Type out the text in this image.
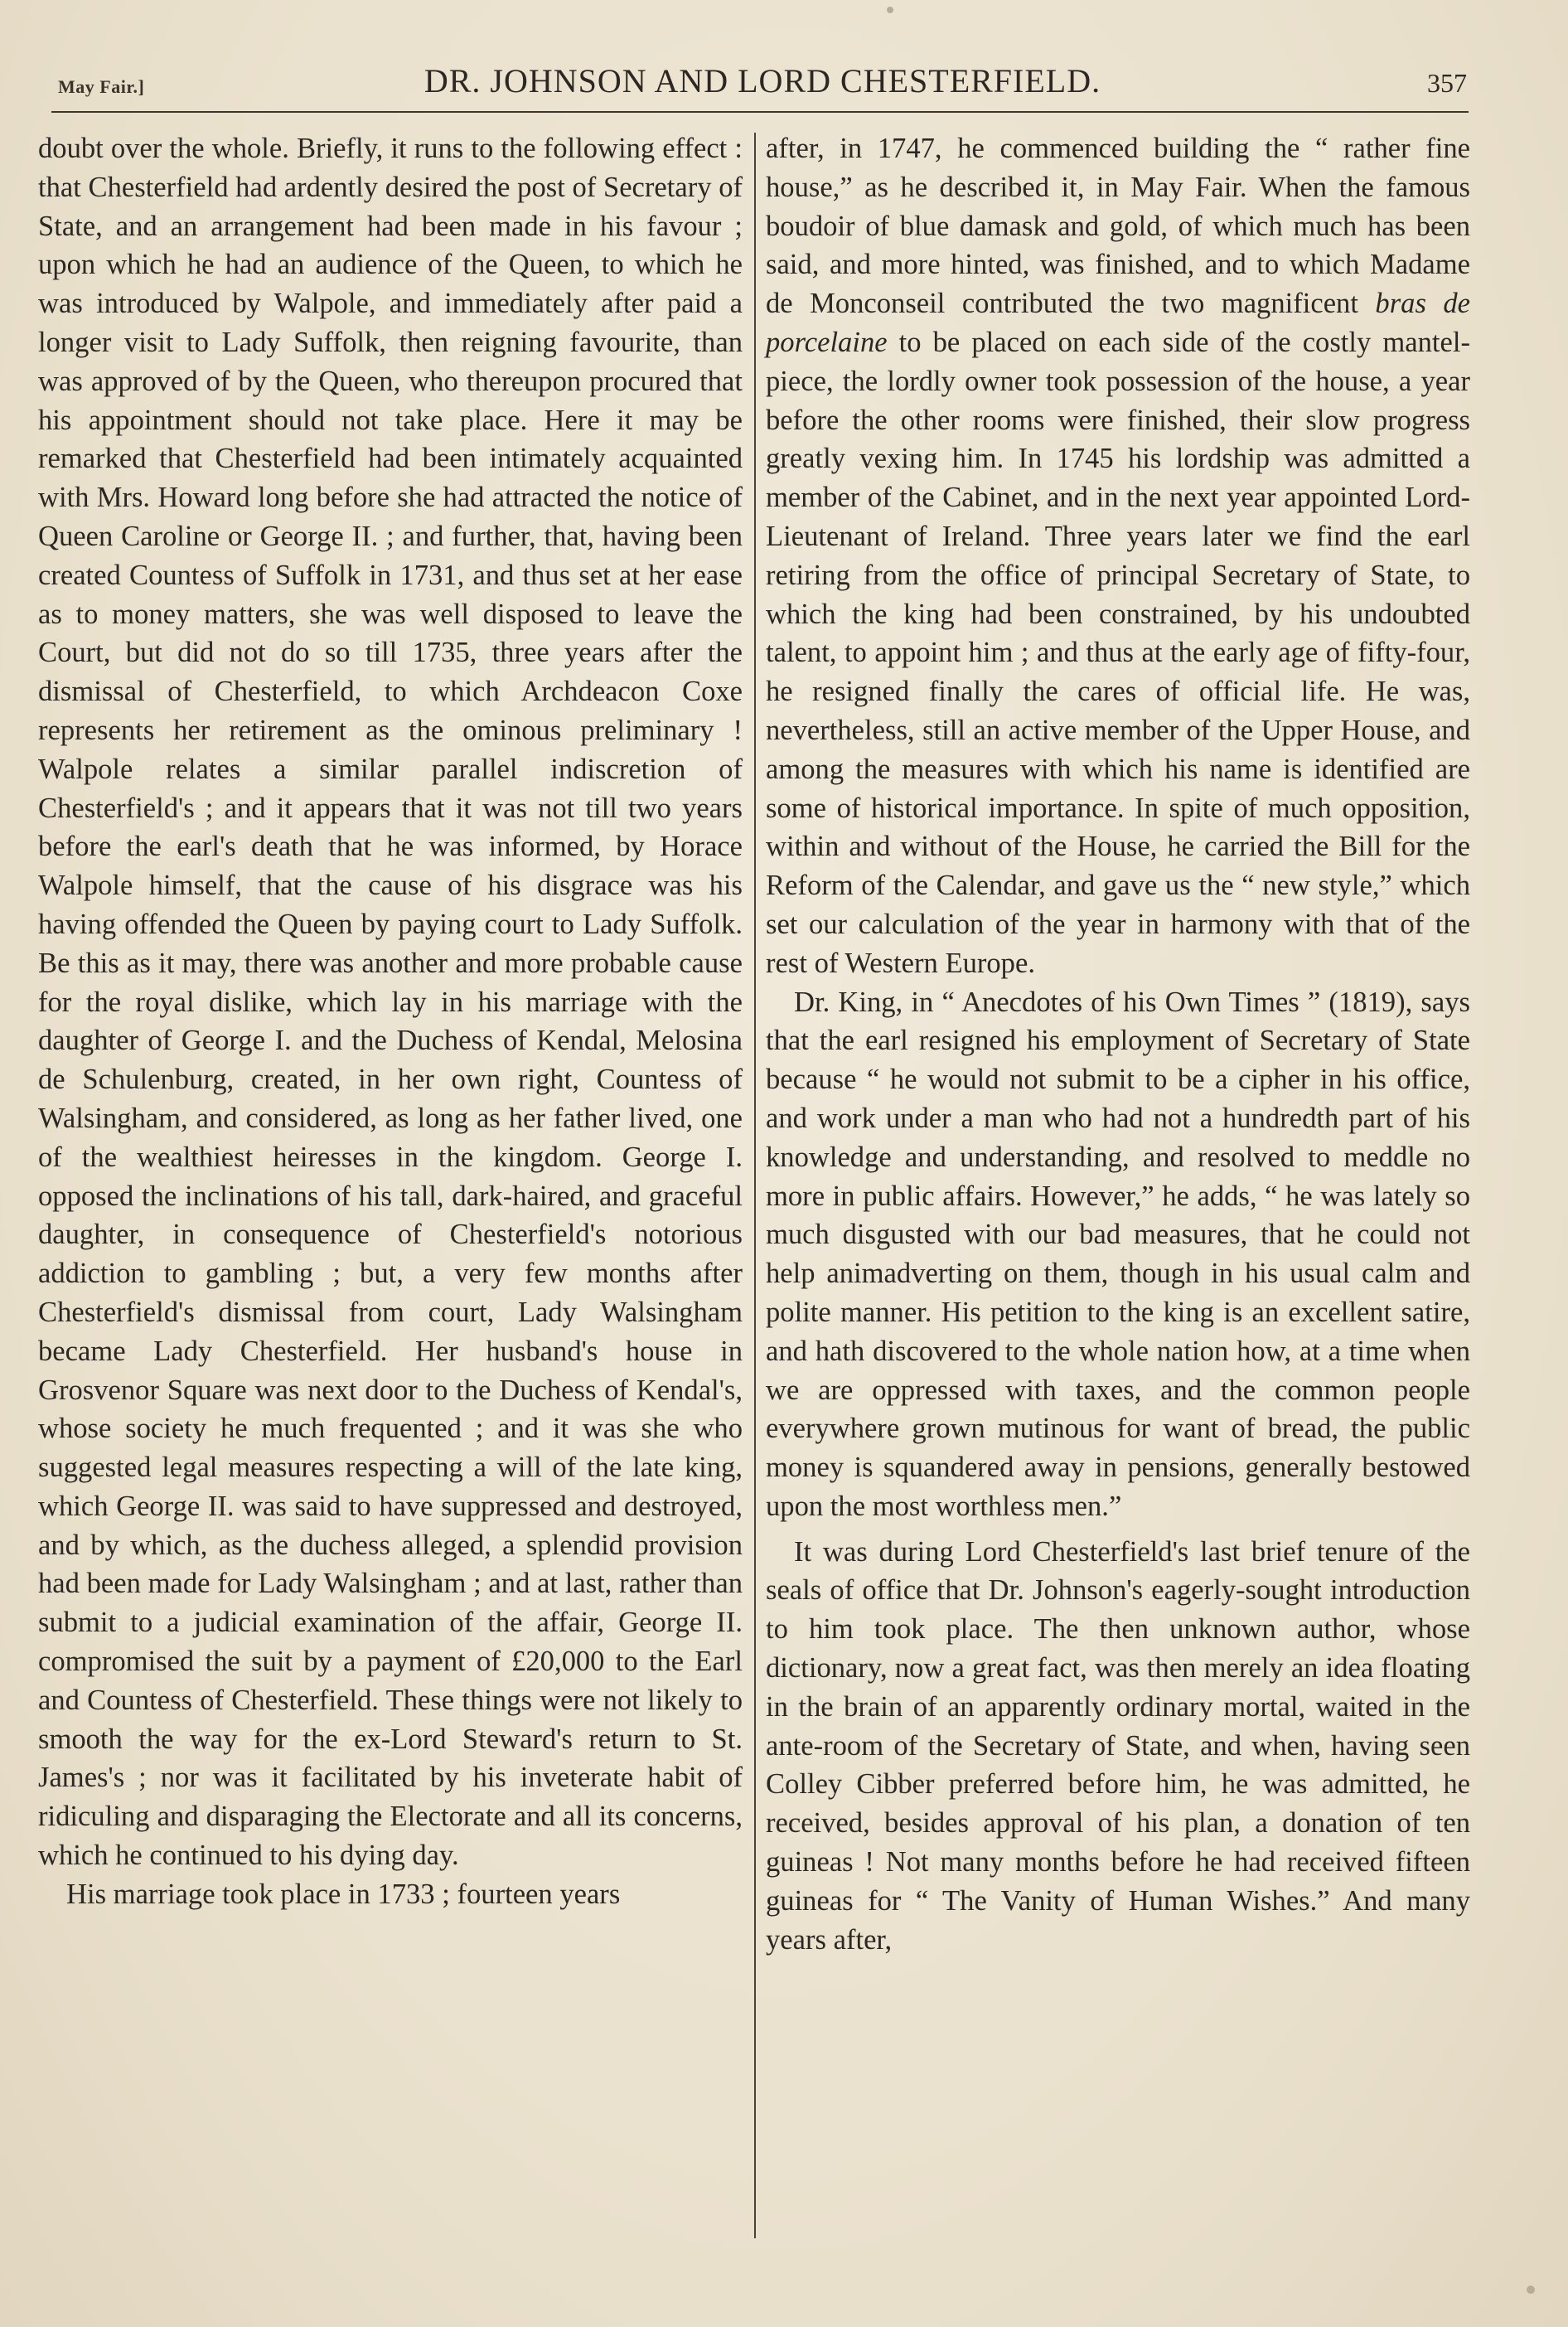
May Fair.]	DR. JOHNSON AND LORD CHESTERFIELD.	357

doubt over the whole. Briefly, it runs to the following effect : that Chesterfield had ardently desired the post of Secretary of State, and an arrangement had been made in his favour ; upon which he had an audience of the Queen, to which he was introduced by Walpole, and immediately after paid a longer visit to Lady Suffolk, then reigning favourite, than was approved of by the Queen, who thereupon procured that his appointment should not take place. Here it may be remarked that Chesterfield had been intimately acquainted with Mrs. Howard long before she had attracted the notice of Queen Caroline or George II. ; and further, that, having been created Countess of Suffolk in 1731, and thus set at her ease as to money matters, she was well disposed to leave the Court, but did not do so till 1735, three years after the dismissal of Chesterfield, to which Archdeacon Coxe represents her retirement as the ominous preliminary ! Walpole relates a similar parallel indiscretion of Chesterfield's ; and it appears that it was not till two years before the earl's death that he was informed, by Horace Walpole himself, that the cause of his disgrace was his having offended the Queen by paying court to Lady Suffolk. Be this as it may, there was another and more probable cause for the royal dislike, which lay in his marriage with the daughter of George I. and the Duchess of Kendal, Melosina de Schulenburg, created, in her own right, Countess of Walsingham, and considered, as long as her father lived, one of the wealthiest heiresses in the kingdom. George I. opposed the inclinations of his tall, dark-haired, and graceful daughter, in consequence of Chesterfield's notorious addiction to gambling ; but, a very few months after Chesterfield's dismissal from court, Lady Walsingham became Lady Chesterfield. Her husband's house in Grosvenor Square was next door to the Duchess of Kendal's, whose society he much frequented ; and it was she who suggested legal measures respecting a will of the late king, which George II. was said to have suppressed and destroyed, and by which, as the duchess alleged, a splendid provision had been made for Lady Walsingham ; and at last, rather than submit to a judicial examination of the affair, George II. compromised the suit by a payment of £20,000 to the Earl and Countess of Chesterfield. These things were not likely to smooth the way for the ex-Lord Steward's return to St. James's ; nor was it facilitated by his inveterate habit of ridiculing and disparaging the Electorate and all its concerns, which he continued to his dying day.

His marriage took place in 1733 ; fourteen years

after, in 1747, he commenced building the “ rather fine house,” as he described it, in May Fair. When the famous boudoir of blue damask and gold, of which much has been said, and more hinted, was finished, and to which Madame de Monconseil contributed the two magnificent bras de porcelaine to be placed on each side of the costly mantel-piece, the lordly owner took possession of the house, a year before the other rooms were finished, their slow progress greatly vexing him. In 1745 his lordship was admitted a member of the Cabinet, and in the next year appointed Lord-Lieutenant of Ireland. Three years later we find the earl retiring from the office of principal Secretary of State, to which the king had been constrained, by his undoubted talent, to appoint him ; and thus at the early age of fifty-four, he resigned finally the cares of official life. He was, nevertheless, still an active member of the Upper House, and among the measures with which his name is identified are some of historical importance. In spite of much opposition, within and without of the House, he carried the Bill for the Reform of the Calendar, and gave us the “ new style,” which set our calculation of the year in harmony with that of the rest of Western Europe.

Dr. King, in “ Anecdotes of his Own Times ” (1819), says that the earl resigned his employment of Secretary of State because “ he would not submit to be a cipher in his office, and work under a man who had not a hundredth part of his knowledge and understanding, and resolved to meddle no more in public affairs. However,” he adds, “ he was lately so much disgusted with our bad measures, that he could not help animadverting on them, though in his usual calm and polite manner. His petition to the king is an excellent satire, and hath discovered to the whole nation how, at a time when we are oppressed with taxes, and the common people everywhere grown mutinous for want of bread, the public money is squandered away in pensions, generally bestowed upon the most worthless men.”

It was during Lord Chesterfield's last brief tenure of the seals of office that Dr. Johnson's eagerly-sought introduction to him took place. The then unknown author, whose dictionary, now a great fact, was then merely an idea floating in the brain of an apparently ordinary mortal, waited in the ante-room of the Secretary of State, and when, having seen Colley Cibber preferred before him, he was admitted, he received, besides approval of his plan, a donation of ten guineas ! Not many months before he had received fifteen guineas for “ The Vanity of Human Wishes.” And many years after,
